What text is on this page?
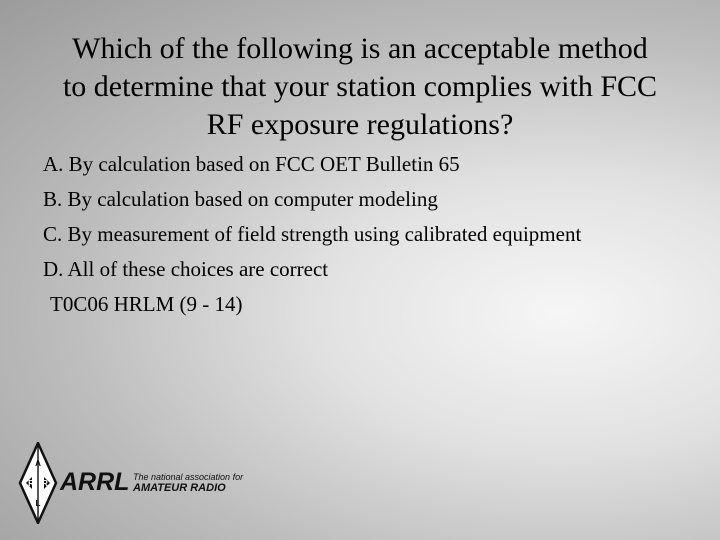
Which of the following is an acceptable method
to determine that your station complies with FCC
RF exposure regulations?
A. By calculation based on FCC OET Bulletin 65
B. By calculation based on computer modeling
C. By measurement of field strength using calibrated equipment
D. All of these choices are correct
T0C06 HRLM (9 - 14)
A
R R
L
ARRL The national association for
AMATEUR RADIO
